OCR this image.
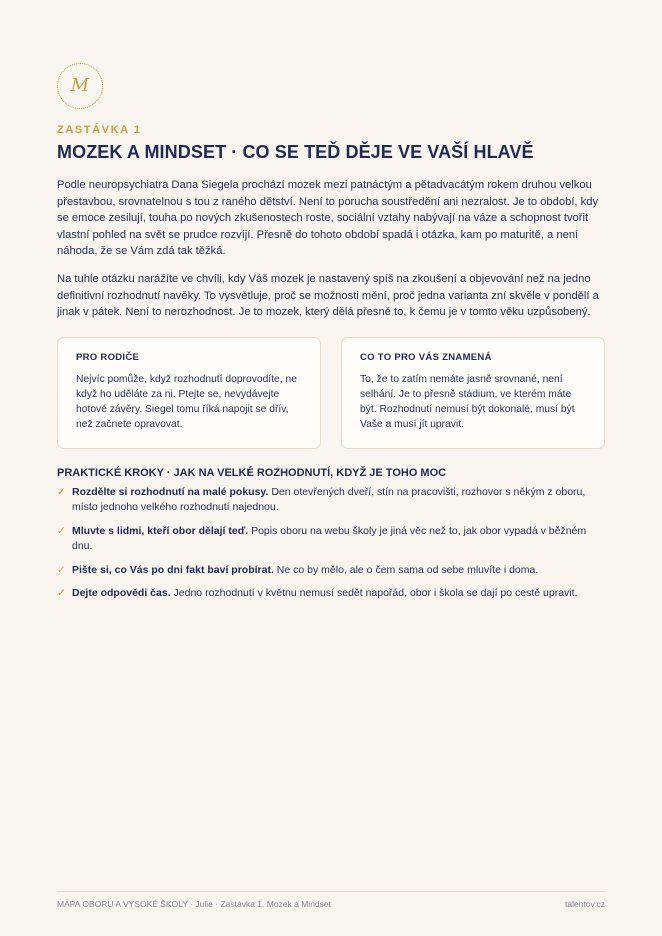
M
ZASTÁVKA 1
MOZEK A MINDSET · CO SE TEĎ DĚJE VE VAŠÍ HLAVĚ

Podle neuropsychiatra Dana Siegela prochází mozek mezi patnáctým a pětadvacátým rokem druhou velkou přestavbou, srovnatelnou s tou z raného dětství. Není to porucha soustředění ani nezralost. Je to období, kdy se emoce zesilují, touha po nových zkušenostech roste, sociální vztahy nabývají na váze a schopnost tvořit vlastní pohled na svět se prudce rozvíjí. Přesně do tohoto období spadá i otázka, kam po maturitě, a není náhoda, že se Vám zdá tak těžká.

Na tuhle otázku narážíte ve chvíli, kdy Váš mozek je nastavený spíš na zkoušení a objevování než na jedno definitivní rozhodnutí navěky. To vysvětluje, proč se možnosti mění, proč jedna varianta zní skvěle v pondělí a jinak v pátek. Není to nerozhodnost. Je to mozek, který dělá přesně to, k čemu je v tomto věku uzpůsobený.

PRO RODIČE
Nejvíc pomůže, když rozhodnutí doprovodíte, ne když ho uděláte za ni. Ptejte se, nevydávejte hotové závěry. Siegel tomu říká napojit se dřív, než začnete opravovat.
CO TO PRO VÁS ZNAMENÁ
To, že to zatím nemáte jasně srovnané, není selhání. Je to přesně stádium, ve kterém máte být. Rozhodnutí nemusí být dokonalé, musí být Vaše a musí jít upravit.
PRAKTICKÉ KROKY · JAK NA VELKÉ ROZHODNUTÍ, KDYŽ JE TOHO MOC
✓ Rozdělte si rozhodnutí na malé pokusy. Den otevřených dveří, stín na pracovišti, rozhovor s někým z oboru, místo jednoho velkého rozhodnutí najednou.
✓ Mluvte s lidmi, kteří obor dělají teď. Popis oboru na webu školy je jiná věc než to, jak obor vypadá v běžném dnu.
✓ Pište si, co Vás po dni fakt baví probírat. Ne co by mělo, ale o čem sama od sebe mluvíte i doma.
✓ Dejte odpovědi čas. Jedno rozhodnutí v květnu nemusí sedět napořád, obor i škola se dají po cestě upravit.
MAPA OBORU A VYSOKÉ ŠKOLY · Julie · Zastávka 1. Mozek a Mindset	talentov.cz
